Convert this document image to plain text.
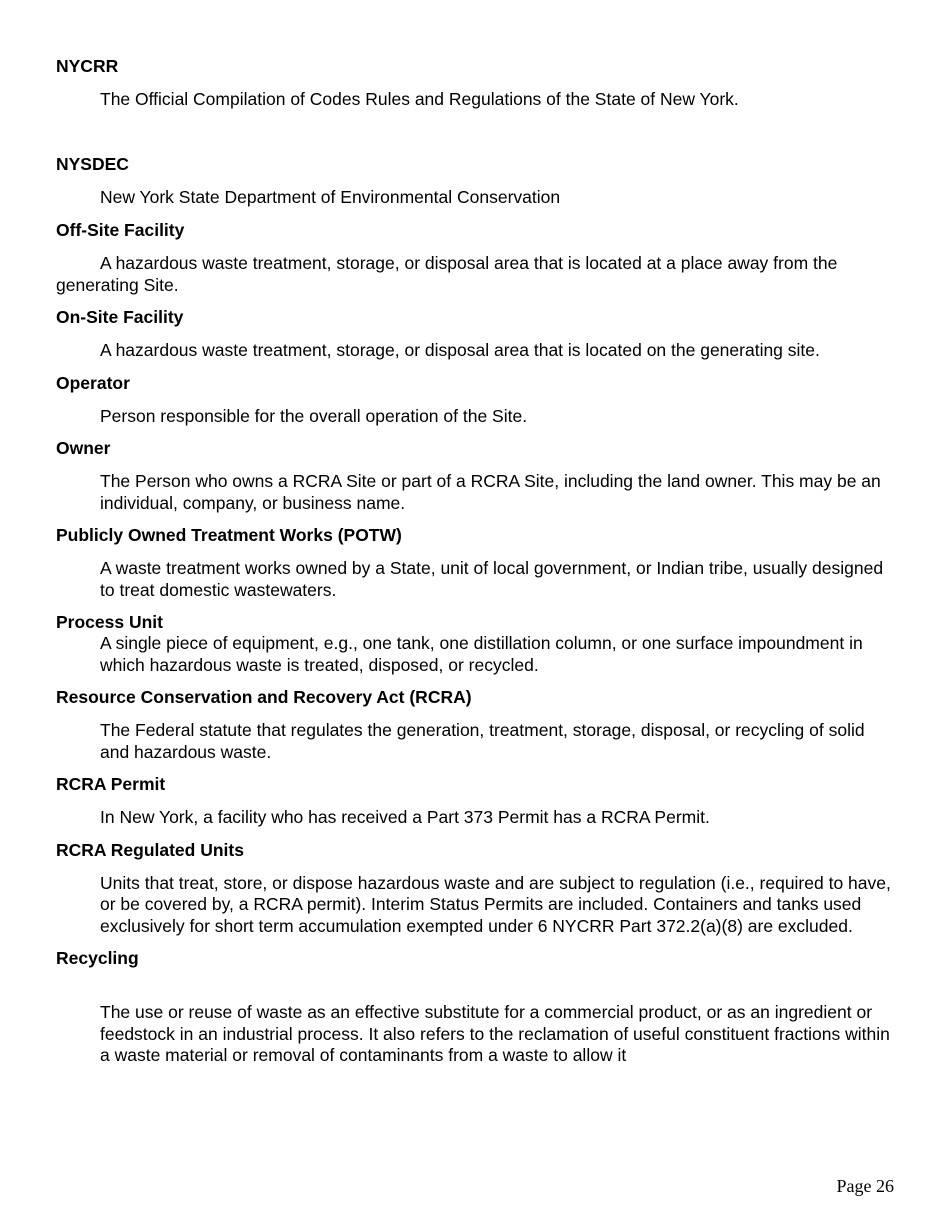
NYCRR

The Official Compilation of Codes Rules and Regulations of the State of New York.

NYSDEC

New York State Department of Environmental Conservation

Off-Site Facility

A hazardous waste treatment, storage, or disposal area that is located at a place away from the generating Site.

On-Site Facility

A hazardous waste treatment, storage, or disposal area that is located on the generating site.

Operator

Person responsible for the overall operation of the Site.

Owner

The Person who owns a RCRA Site or part of a RCRA Site, including the land owner. This may be an individual, company, or business name.

Publicly Owned Treatment Works (POTW)

A waste treatment works owned by a State, unit of local government, or Indian tribe, usually designed to treat domestic wastewaters.

Process Unit

A single piece of equipment, e.g., one tank, one distillation column, or one surface impoundment in which hazardous waste is treated, disposed, or recycled.

Resource Conservation and Recovery Act (RCRA)

The Federal statute that regulates the generation, treatment, storage, disposal, or recycling of solid and hazardous waste.

RCRA Permit

In New York, a facility who has received a Part 373 Permit has a RCRA Permit.

RCRA Regulated Units

Units that treat, store, or dispose hazardous waste and are subject to regulation (i.e., required to have, or be covered by, a RCRA permit). Interim Status Permits are included. Containers and tanks used exclusively for short term accumulation exempted under 6 NYCRR Part 372.2(a)(8) are excluded.

Recycling

The use or reuse of waste as an effective substitute for a commercial product, or as an ingredient or feedstock in an industrial process. It also refers to the reclamation of useful constituent fractions within a waste material or removal of contaminants from a waste to allow it

Page 26
